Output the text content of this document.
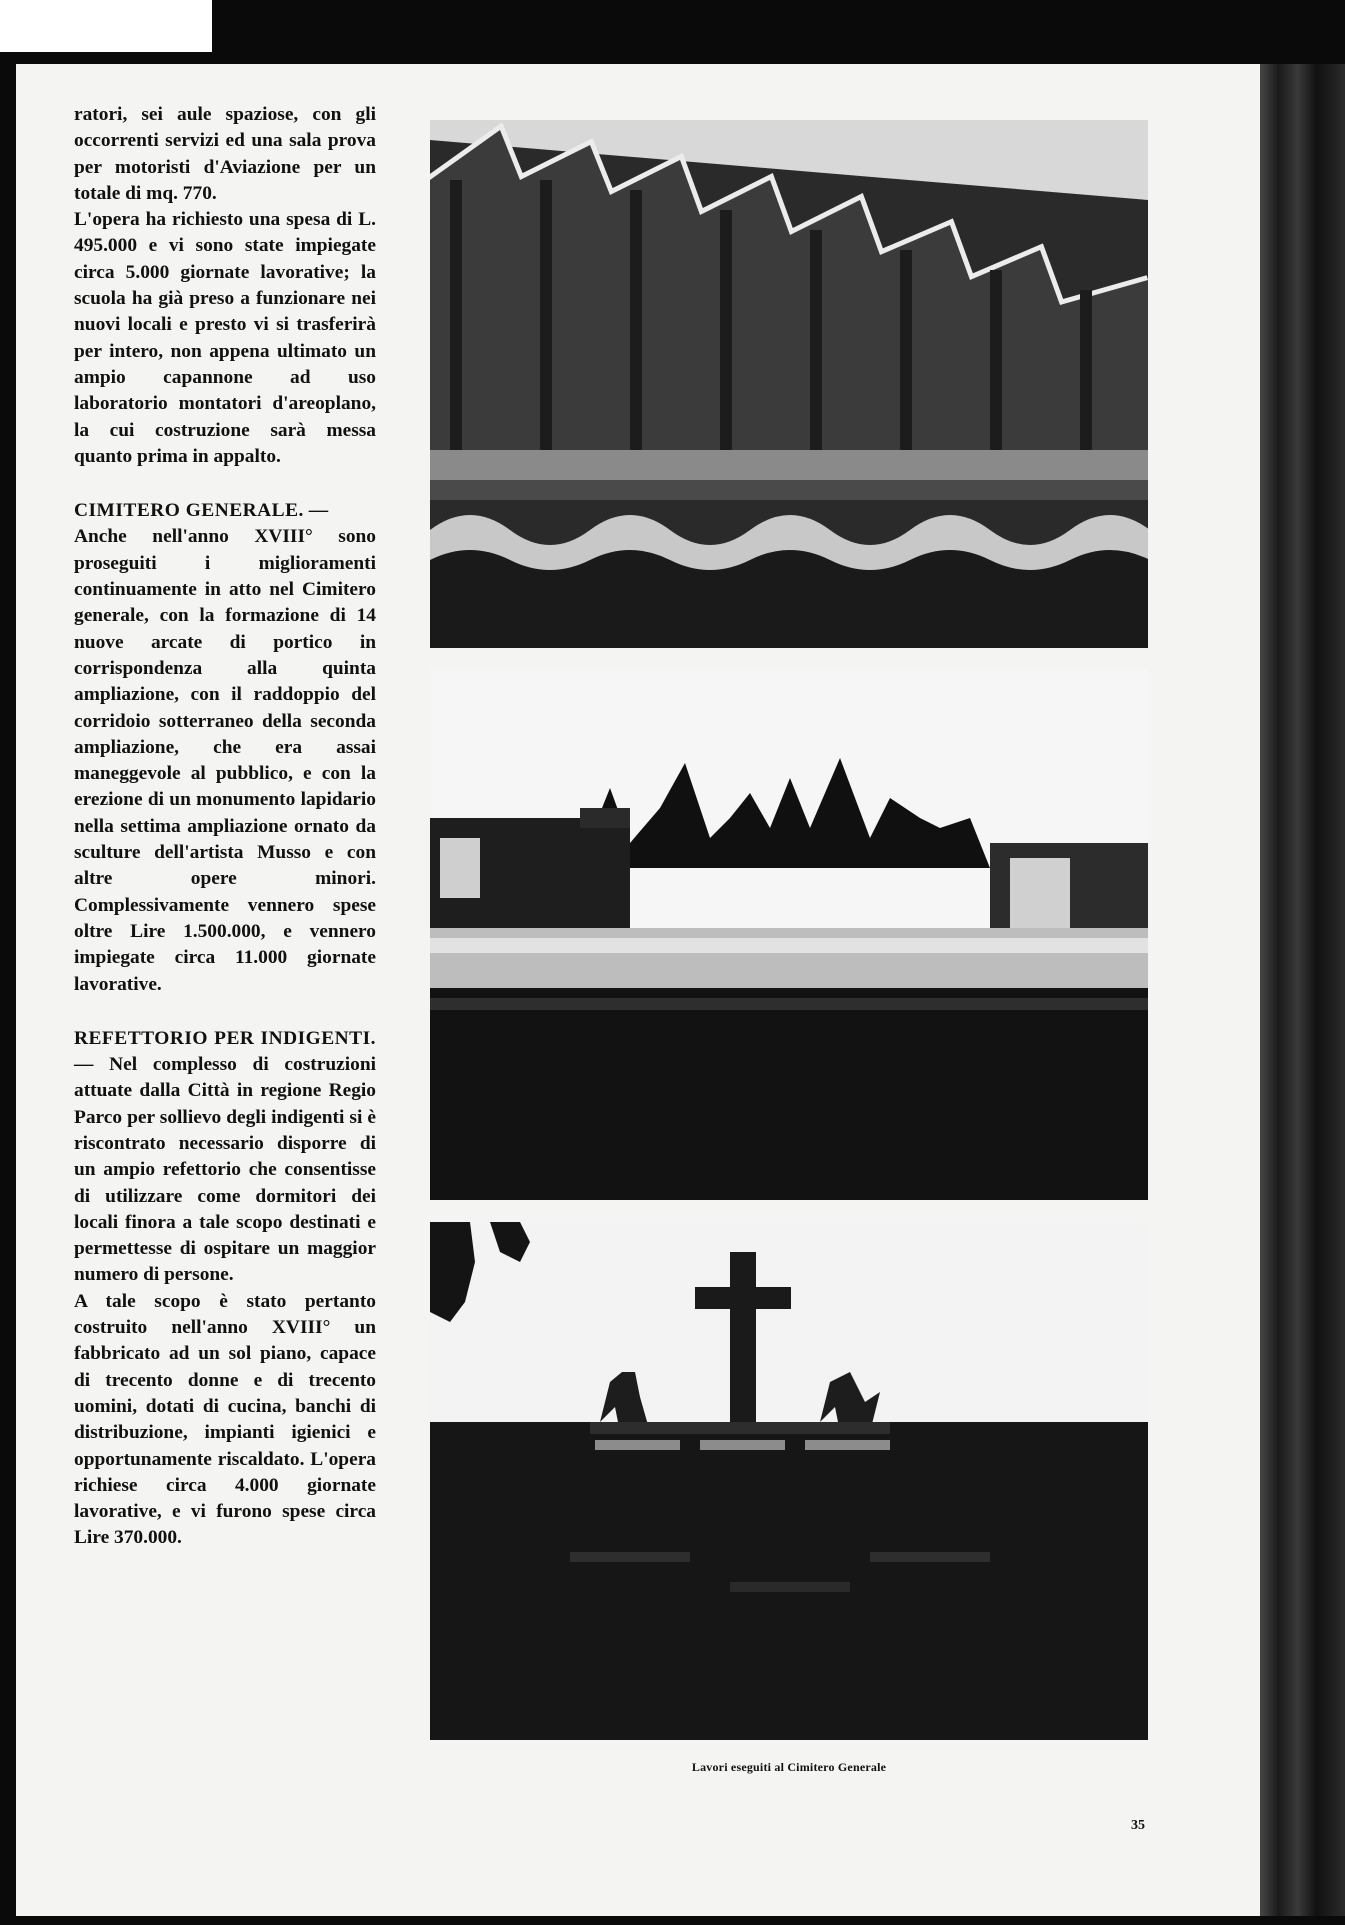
ratori, sei aule spaziose, con gli occorrenti servizi ed una sala prova per motoristi d'Aviazione per un totale di mq. 770.

L'opera ha richiesto una spesa di L. 495.000 e vi sono state impiegate circa 5.000 giornate lavorative; la scuola ha già preso a funzionare nei nuovi locali e presto vi si trasferirà per intero, non appena ultimato un ampio capannone ad uso laboratorio montatori d'areoplano, la cui costruzione sarà messa quanto prima in appalto.

CIMITERO GENERALE. —

Anche nell'anno XVIII° sono proseguiti i miglioramenti continuamente in atto nel Cimitero generale, con la formazione di 14 nuove arcate di portico in corrispondenza alla quinta ampliazione, con il raddoppio del corridoio sotterraneo della seconda ampliazione, che era assai maneggevole al pubblico, e con la erezione di un monumento lapidario nella settima ampliazione ornato da sculture dell'artista Musso e con altre opere minori. Complessivamente vennero spese oltre Lire 1.500.000, e vennero impiegate circa 11.000 giornate lavorative.

REFETTORIO PER INDIGENTI. — Nel complesso di costruzioni attuate dalla Città in regione Regio Parco per sollievo degli indigenti si è riscontrato necessario disporre di un ampio refettorio che consentisse di utilizzare come dormitori dei locali finora a tale scopo destinati e permettesse di ospitare un maggior numero di persone.

A tale scopo è stato pertanto costruito nell'anno XVIII° un fabbricato ad un sol piano, capace di trecento donne e di trecento uomini, dotati di cucina, banchi di distribuzione, impianti igienici e opportunamente riscaldato. L'opera richiese circa 4.000 giornate lavorative, e vi furono spese circa Lire 370.000.

Lavori eseguiti al Cimitero Generale
35
